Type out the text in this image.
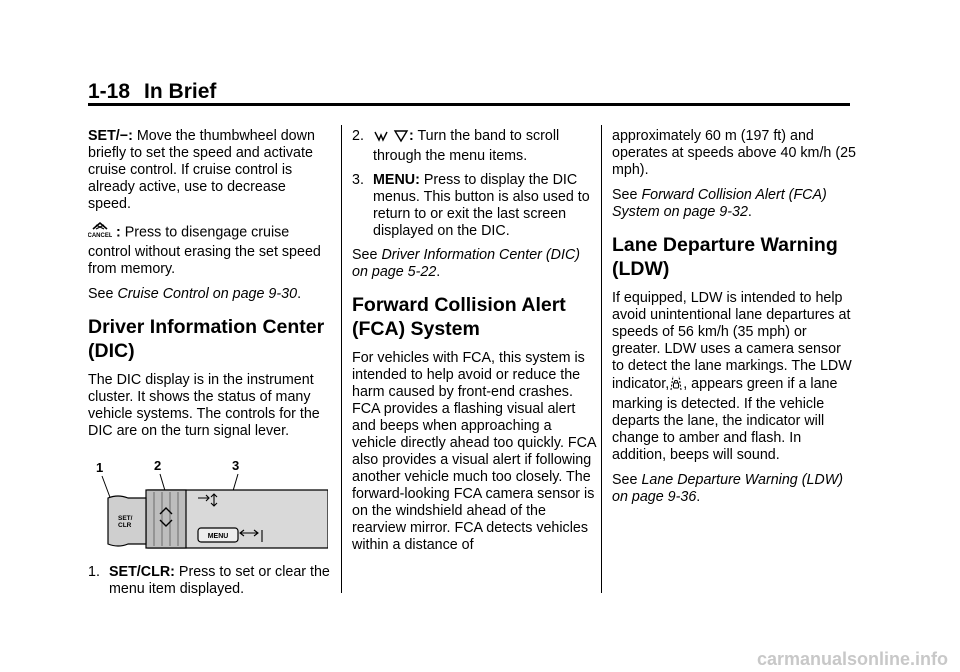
1-18 In Brief

SET/−: Move the thumbwheel down briefly to set the speed and activate cruise control. If cruise control is already active, use to decrease speed.

CANCEL : Press to disengage cruise control without erasing the set speed from memory.

See Cruise Control on page 9-30.

Driver Information Center (DIC)

The DIC display is in the instrument cluster. It shows the status of many vehicle systems. The controls for the DIC are on the turn signal lever.

1	2	3
SET/
CLR
MENU
1. SET/CLR: Press to set or clear the menu item displayed.
2.	: Turn the band to scroll through the menu items.
3. MENU: Press to display the DIC menus. This button is also used to return to or exit the last screen displayed on the DIC.

See Driver Information Center (DIC) on page 5-22.

Forward Collision Alert (FCA) System

For vehicles with FCA, this system is intended to help avoid or reduce the harm caused by front-end crashes. FCA provides a flashing visual alert and beeps when approaching a vehicle directly ahead too quickly. FCA also provides a visual alert if following another vehicle much too closely. The forward-looking FCA camera sensor is on the windshield ahead of the rearview mirror. FCA detects vehicles within a distance of

approximately 60 m (197 ft) and operates at speeds above 40 km/h (25 mph).

See Forward Collision Alert (FCA) System on page 9-32.

Lane Departure Warning (LDW)

If equipped, LDW is intended to help avoid unintentional lane departures at speeds of 56 km/h (35 mph) or greater. LDW uses a camera sensor to detect the lane markings. The LDW indicator, , appears green if a lane marking is detected. If the vehicle departs the lane, the indicator will change to amber and flash. In addition, beeps will sound.

See Lane Departure Warning (LDW) on page 9-36.

carmanualsonline.info
